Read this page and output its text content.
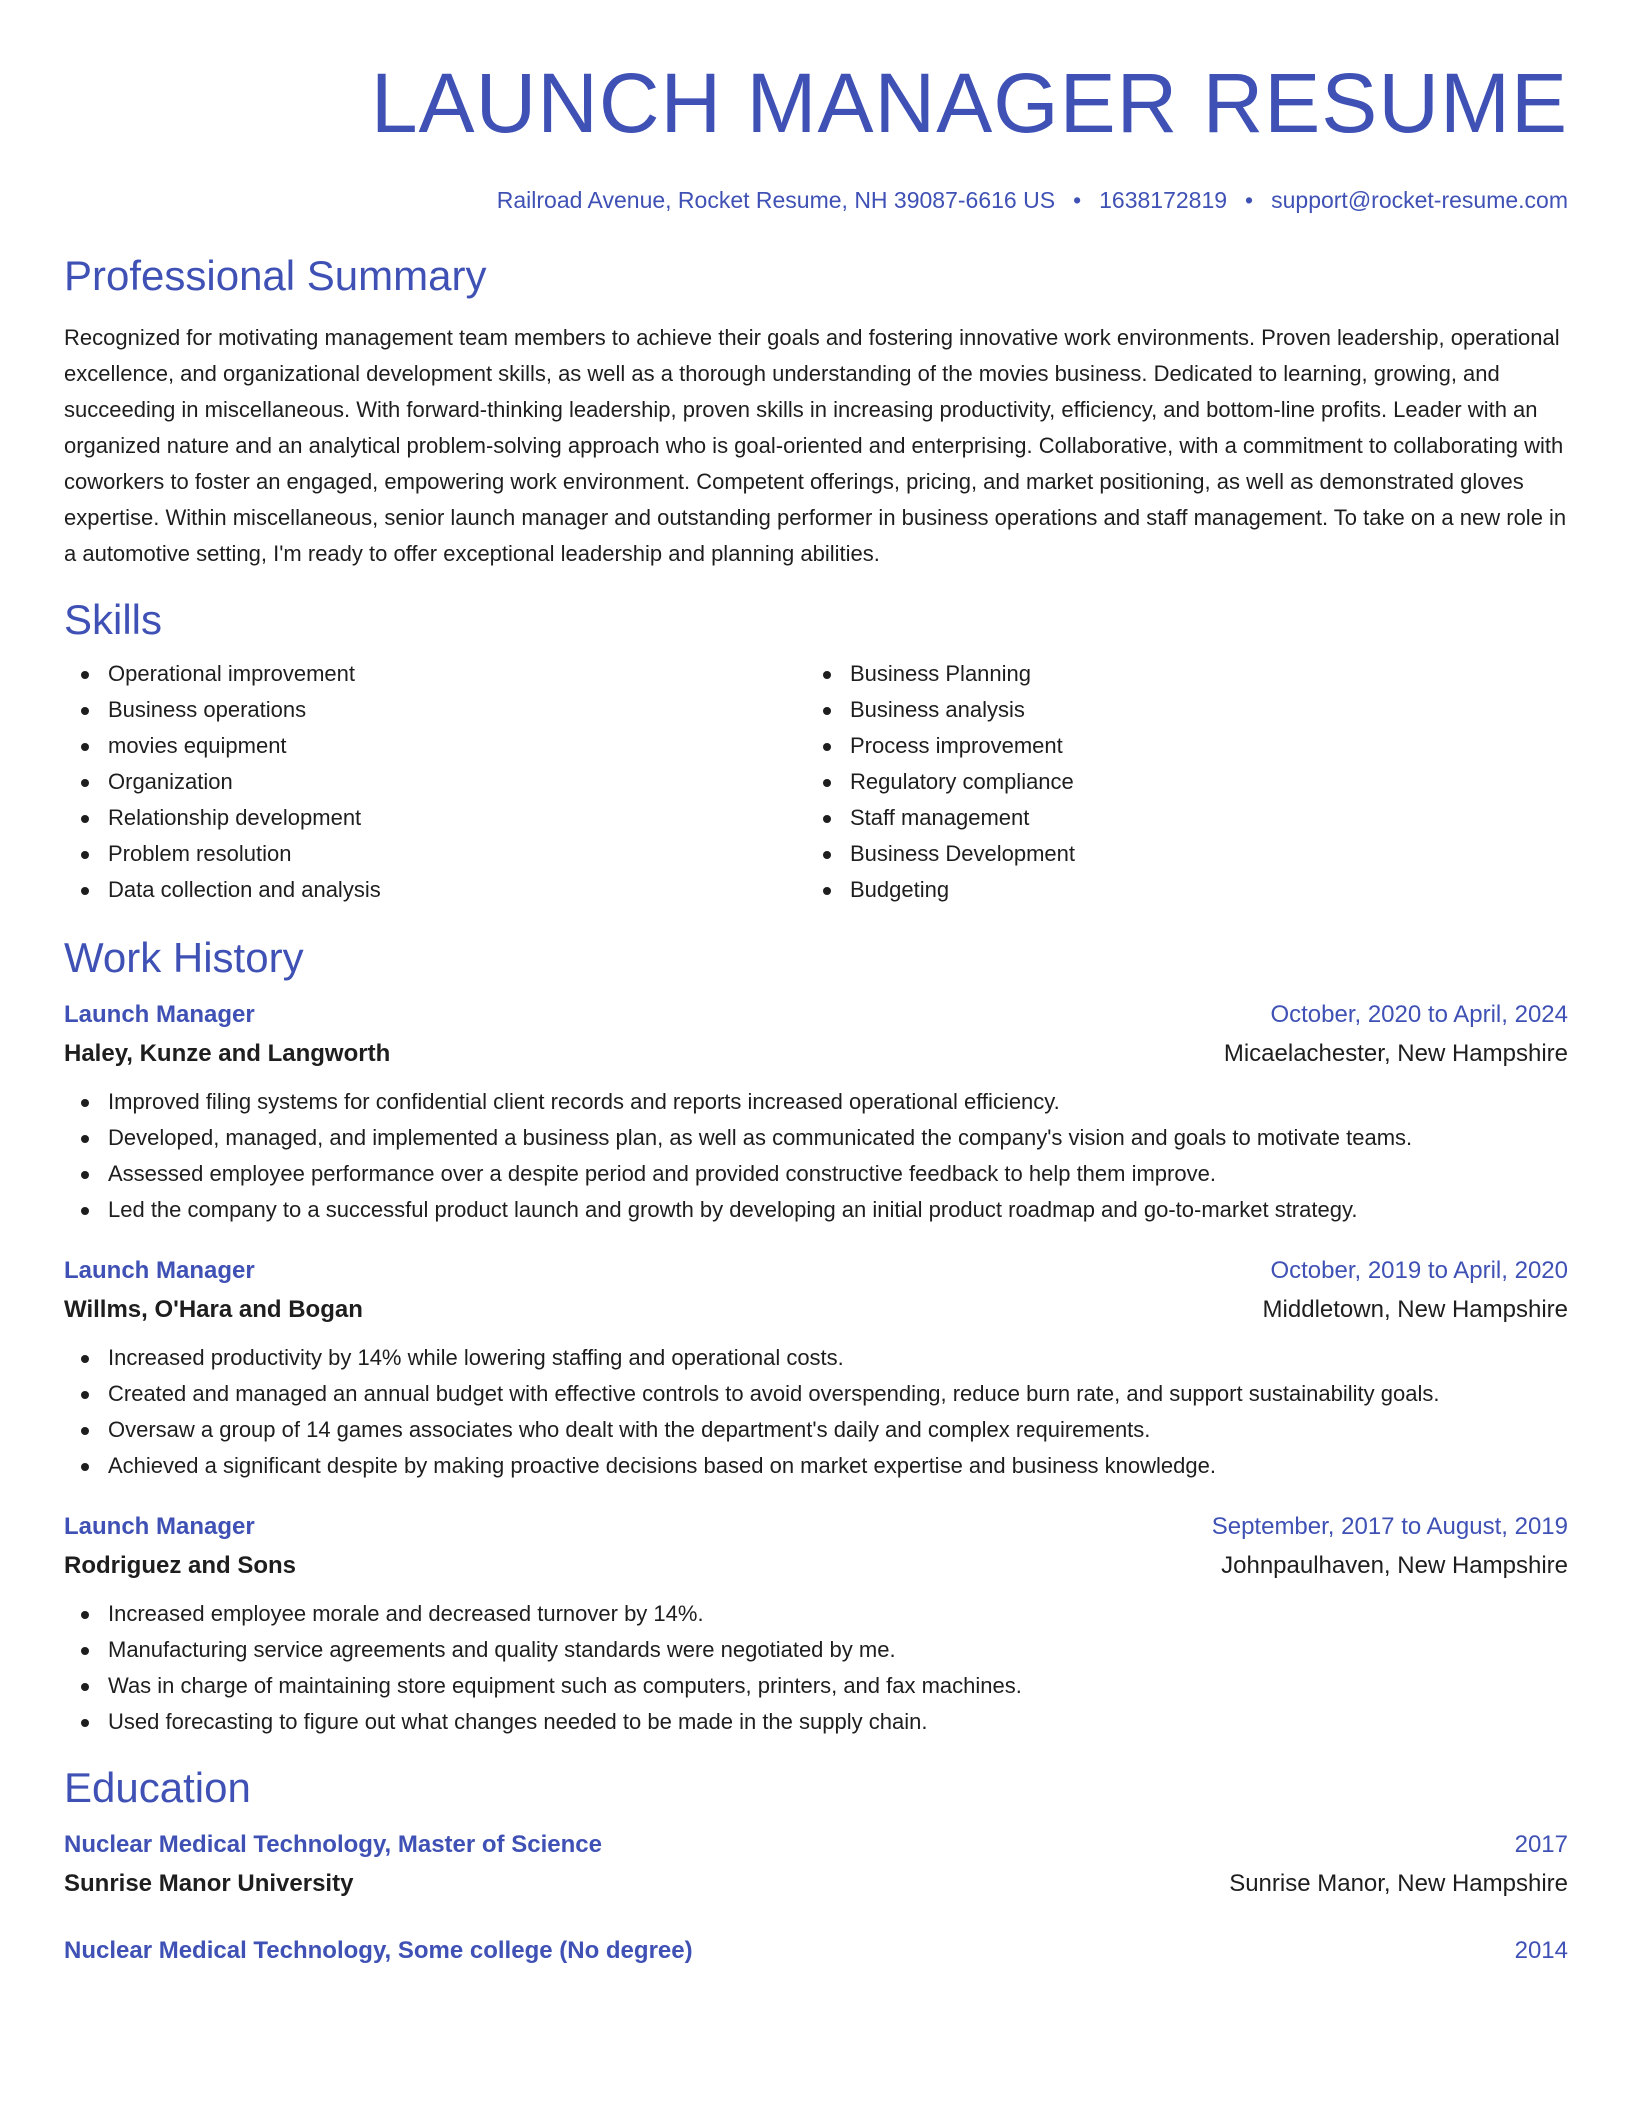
LAUNCH MANAGER RESUME
Railroad Avenue, Rocket Resume, NH 39087-6616 US • 1638172819 • support@rocket-resume.com
Professional Summary

Recognized for motivating management team members to achieve their goals and fostering innovative work environments. Proven leadership, operational excellence, and organizational development skills, as well as a thorough understanding of the movies business. Dedicated to learning, growing, and succeeding in miscellaneous. With forward-thinking leadership, proven skills in increasing productivity, efficiency, and bottom-line profits. Leader with an organized nature and an analytical problem-solving approach who is goal-oriented and enterprising. Collaborative, with a commitment to collaborating with coworkers to foster an engaged, empowering work environment. Competent offerings, pricing, and market positioning, as well as demonstrated gloves expertise. Within miscellaneous, senior launch manager and outstanding performer in business operations and staff management. To take on a new role in a automotive setting, I'm ready to offer exceptional leadership and planning abilities.

Skills
Operational improvement
Business operations
movies equipment
Organization
Relationship development
Problem resolution
Data collection and analysis
Business Planning
Business analysis
Process improvement
Regulatory compliance
Staff management
Business Development
Budgeting
Work History
Launch Manager	October, 2020 to April, 2024
Haley, Kunze and Langworth	Micaelachester, New Hampshire
Improved filing systems for confidential client records and reports increased operational efficiency.
Developed, managed, and implemented a business plan, as well as communicated the company's vision and goals to motivate teams.
Assessed employee performance over a despite period and provided constructive feedback to help them improve.
Led the company to a successful product launch and growth by developing an initial product roadmap and go-to-market strategy.
Launch Manager	October, 2019 to April, 2020
Willms, O'Hara and Bogan	Middletown, New Hampshire
Increased productivity by 14% while lowering staffing and operational costs.
Created and managed an annual budget with effective controls to avoid overspending, reduce burn rate, and support sustainability goals.
Oversaw a group of 14 games associates who dealt with the department's daily and complex requirements.
Achieved a significant despite by making proactive decisions based on market expertise and business knowledge.
Launch Manager	September, 2017 to August, 2019
Rodriguez and Sons	Johnpaulhaven, New Hampshire
Increased employee morale and decreased turnover by 14%.
Manufacturing service agreements and quality standards were negotiated by me.
Was in charge of maintaining store equipment such as computers, printers, and fax machines.
Used forecasting to figure out what changes needed to be made in the supply chain.
Education
Nuclear Medical Technology, Master of Science	2017
Sunrise Manor University	Sunrise Manor, New Hampshire
Nuclear Medical Technology, Some college (No degree)	2014
